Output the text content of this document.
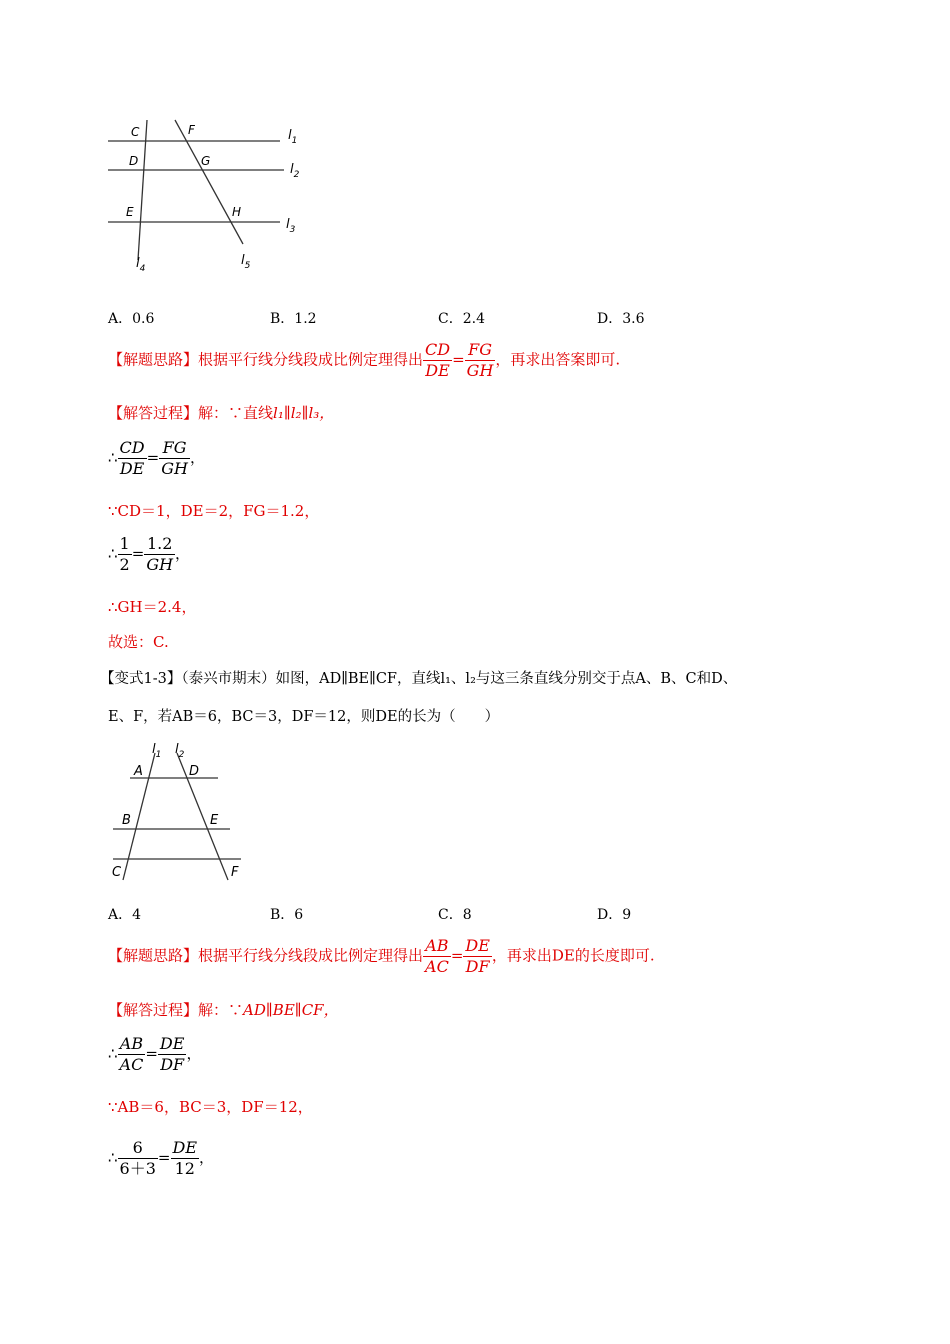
C	F
D	G
E	H
$l_1$
$l_2$
$l_3$
$l_4$
$l_5$
A．0.6	B．1.2	C．2.4	D．3.6
【解题思路】根据平行线分线段成比例定理得出 $\frac{CD}{DE} = \frac{FG}{GH}$ ，再求出答案即可.
【解答过程】解：∵直线l₁∥l₂∥l₃，
∴ $\frac{CD}{DE} = \frac{FG}{GH}$ ，
∵CD＝1，DE＝2，FG＝1.2，
∴ $\frac{1}{2} = \frac{1.2}{GH}$ ，
∴GH＝2.4，
故选：C.
【变式1-3】（泰兴市期末）如图，AD∥BE∥CF，直线l₁、l₂与这三条直线分别交于点A、B、C和D、
E、F，若AB＝6，BC＝3，DF＝12，则DE的长为（　　）
$l_1$ $l_2$
A	D
B	E
C	F
A．4	B．6	C．8	D．9
【解题思路】根据平行线分线段成比例定理得出 $\frac{AB}{AC} = \frac{DE}{DF}$ ，再求出DE的长度即可.
【解答过程】解：∵AD∥BE∥CF，
∴ $\frac{AB}{AC} = \frac{DE}{DF}$ ，
∵AB＝6，BC＝3，DF＝12，
∴ $\frac{6}{6+3} = \frac{DE}{12}$ ，
